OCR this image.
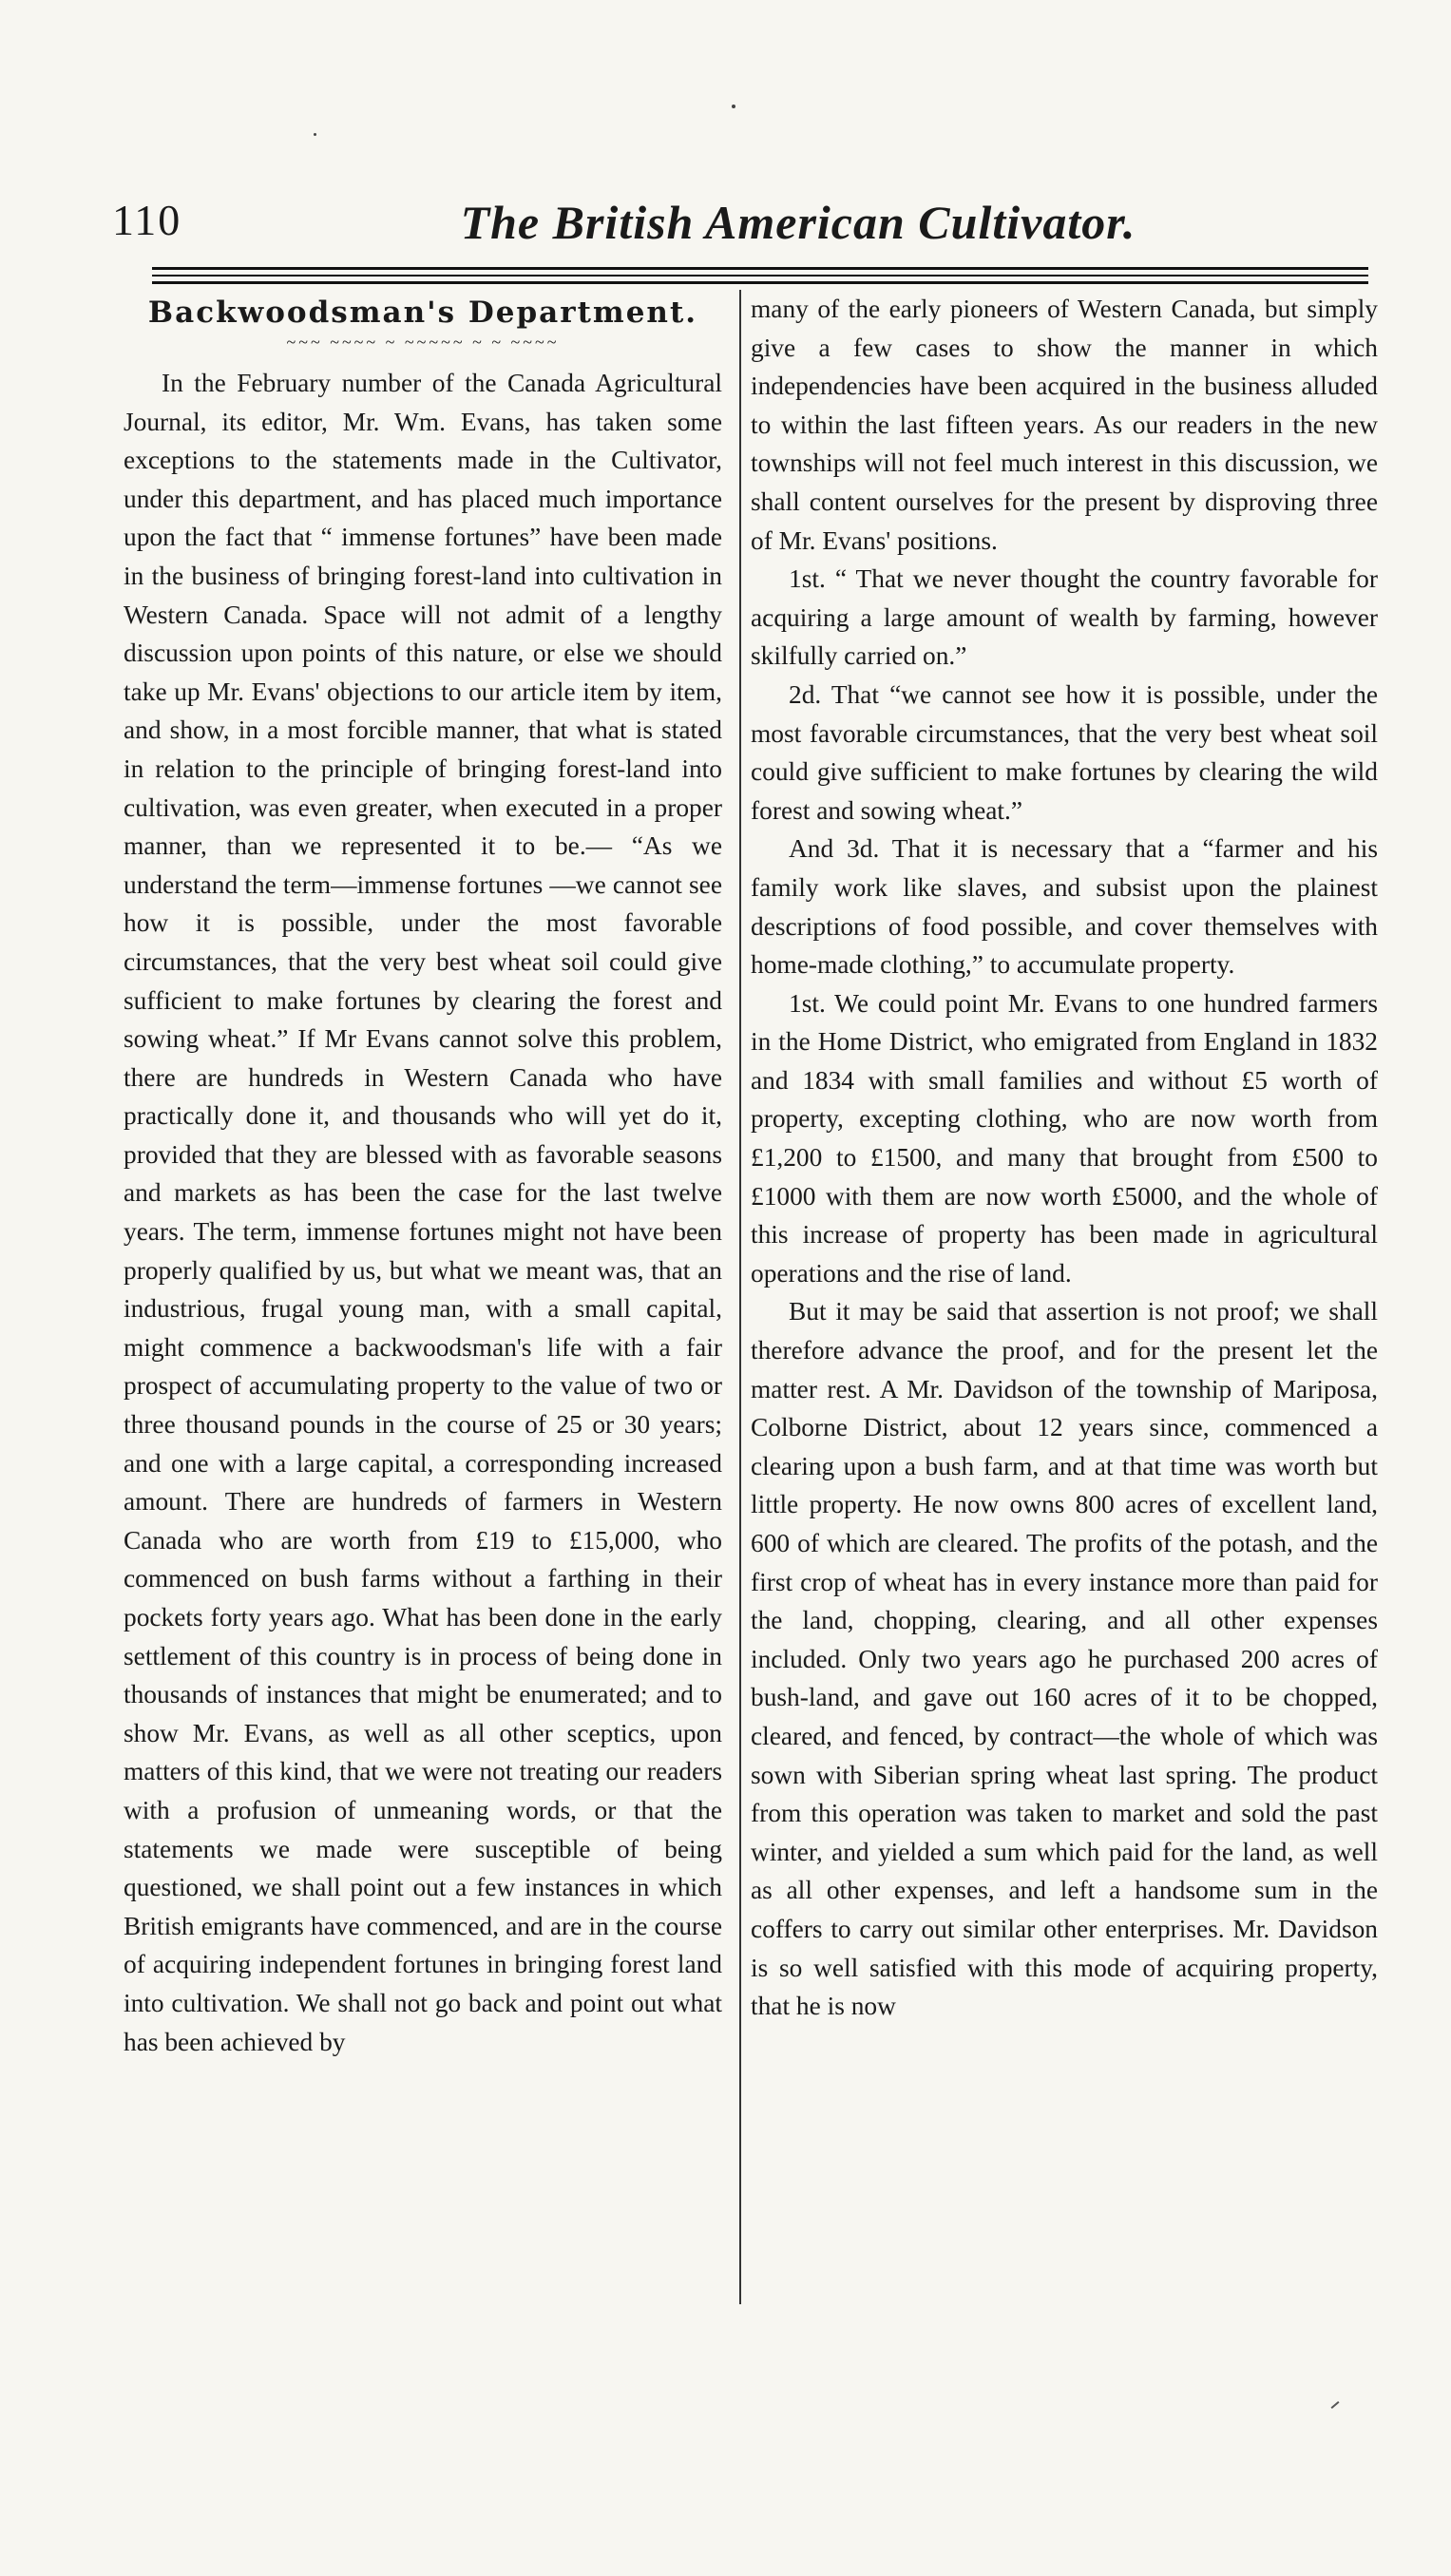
110	The British American Cultivator.
Backwoodsman's Department.
~~~ ~~~~ ~ ~~~~~ ~ ~ ~~~~

In the February number of the Canada Agricultural Journal, its editor, Mr. Wm. Evans, has taken some exceptions to the statements made in the Cultivator, under this department, and has placed much importance upon the fact that “ immense fortunes” have been made in the business of bringing forest-land into cultivation in Western Canada. Space will not admit of a lengthy discussion upon points of this nature, or else we should take up Mr. Evans' objections to our article item by item, and show, in a most forcible manner, that what is stated in relation to the principle of bringing forest-land into cultivation, was even greater, when executed in a proper manner, than we represented it to be.— “As we understand the term—immense fortunes —we cannot see how it is possible, under the most favorable circumstances, that the very best wheat soil could give sufficient to make fortunes by clearing the forest and sowing wheat.” If Mr Evans cannot solve this problem, there are hundreds in Western Canada who have practically done it, and thousands who will yet do it, provided that they are blessed with as favorable seasons and markets as has been the case for the last twelve years. The term, immense fortunes might not have been properly qualified by us, but what we meant was, that an industrious, frugal young man, with a small capital, might commence a backwoodsman's life with a fair prospect of accumulating property to the value of two or three thousand pounds in the course of 25 or 30 years; and one with a large capital, a corresponding increased amount. There are hundreds of farmers in Western Canada who are worth from £19 to £15,000, who commenced on bush farms without a farthing in their pockets forty years ago. What has been done in the early settlement of this country is in process of being done in thousands of instances that might be enumerated; and to show Mr. Evans, as well as all other sceptics, upon matters of this kind, that we were not treating our readers with a profusion of unmeaning words, or that the statements we made were susceptible of being questioned, we shall point out a few instances in which British emigrants have commenced, and are in the course of acquiring independent fortunes in bringing forest land into cultivation. We shall not go back and point out what has been achieved by

many of the early pioneers of Western Canada, but simply give a few cases to show the manner in which independencies have been acquired in the business alluded to within the last fifteen years. As our readers in the new townships will not feel much interest in this discussion, we shall content ourselves for the present by disproving three of Mr. Evans' positions.

1st. “ That we never thought the country favorable for acquiring a large amount of wealth by farming, however skilfully carried on.”

2d. That “we cannot see how it is possible, under the most favorable circumstances, that the very best wheat soil could give sufficient to make fortunes by clearing the wild forest and sowing wheat.”

And 3d. That it is necessary that a “farmer and his family work like slaves, and subsist upon the plainest descriptions of food possible, and cover themselves with home-made clothing,” to accumulate property.

1st. We could point Mr. Evans to one hundred farmers in the Home District, who emigrated from England in 1832 and 1834 with small families and without £5 worth of property, excepting clothing, who are now worth from £1,200 to £1500, and many that brought from £500 to £1000 with them are now worth £5000, and the whole of this increase of property has been made in agricultural operations and the rise of land.

But it may be said that assertion is not proof; we shall therefore advance the proof, and for the present let the matter rest. A Mr. Davidson of the township of Mariposa, Colborne District, about 12 years since, commenced a clearing upon a bush farm, and at that time was worth but little property. He now owns 800 acres of excellent land, 600 of which are cleared. The profits of the potash, and the first crop of wheat has in every instance more than paid for the land, chopping, clearing, and all other expenses included. Only two years ago he purchased 200 acres of bush-land, and gave out 160 acres of it to be chopped, cleared, and fenced, by contract—the whole of which was sown with Siberian spring wheat last spring. The product from this operation was taken to market and sold the past winter, and yielded a sum which paid for the land, as well as all other expenses, and left a handsome sum in the coffers to carry out similar other enterprises. Mr. Davidson is so well satisfied with this mode of acquiring property, that he is now
